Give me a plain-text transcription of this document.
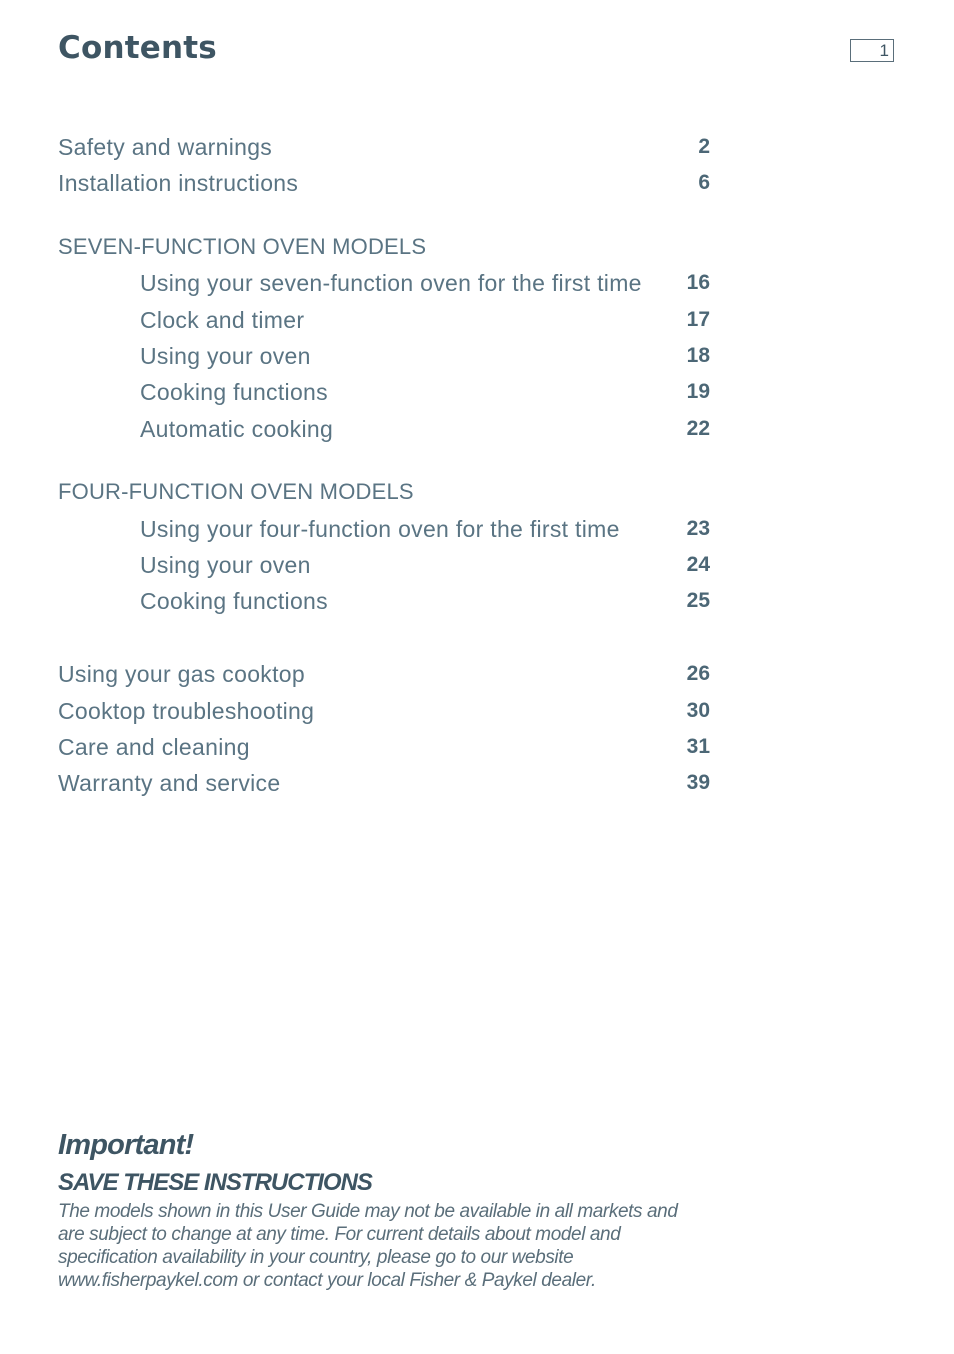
Contents	1
Safety and warnings	2
Installation instructions	6
SEVEN-FUNCTION OVEN MODELS
Using your seven-function oven for the first time 16
Clock and timer	17
Using your oven	18
Cooking functions	19
Automatic cooking	22
FOUR-FUNCTION OVEN MODELS
Using your four-function oven for the first time	23
Using your oven	24
Cooking functions	25
Using your gas cooktop	26
Cooktop troubleshooting	30
Care and cleaning	31
Warranty and service	39
Important!
SAVE THESE INSTRUCTIONS
The models shown in this User Guide may not be available in all markets and are subject to change at any time. For current details about model and specification availability in your country, please go to our website www.fisherpaykel.com or contact your local Fisher & Paykel dealer.
